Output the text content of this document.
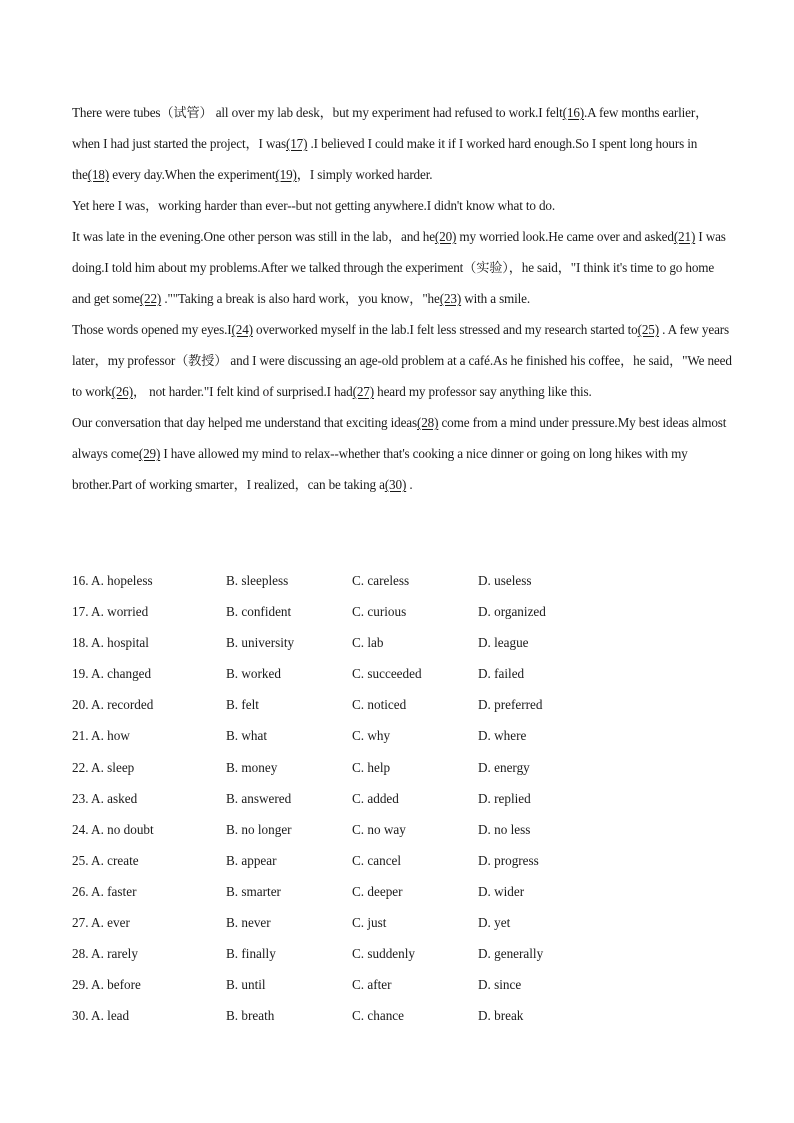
There were tubes（试管） all over my lab desk，but my experiment had refused to work.I felt(16).A few months earlier，when I had just started the project，I was(17) .I believed I could make it if I worked hard enough.So I spent long hours in the(18) every day.When the experiment(19)，I simply worked harder.

Yet here I was，working harder than ever--but not getting anywhere.I didn't know what to do.

It was late in the evening.One other person was still in the lab，and he(20) my worried look.He came over and asked(21) I was doing.I told him about my problems.After we talked through the experiment（实验），he said，"I think it's time to go home and get some(22) .""Taking a break is also hard work，you know，"he(23) with a smile.

Those words opened my eyes.I(24) overworked myself in the lab.I felt less stressed and my research started to(25) . A few years later，my professor（教授） and I were discussing an age-old problem at a café.As he finished his coffee，he said，"We need to work(26)， not harder."I felt kind of surprised.I had(27) heard my professor say anything like this.

Our conversation that day helped me understand that exciting ideas(28) come from a mind under pressure.My best ideas almost always come(29) I have allowed my mind to relax--whether that's cooking a nice dinner or going on long hikes with my brother.Part of working smarter，I realized，can be taking a(30) .

16. A. hopeless	B. sleepless	C. careless	D. useless
17. A. worried	B. confident	C. curious	D. organized
18. A. hospital	B. university	C. lab	D. league
19. A. changed	B. worked	C. succeeded	D. failed
20. A. recorded	B. felt	C. noticed	D. preferred
21. A. how	B. what	C. why	D. where
22. A. sleep	B. money	C. help	D. energy
23. A. asked	B. answered	C. added	D. replied
24. A. no doubt	B. no longer	C. no way	D. no less
25. A. create	B. appear	C. cancel	D. progress
26. A. faster	B. smarter	C. deeper	D. wider
27. A. ever	B. never	C. just	D. yet
28. A. rarely	B. finally	C. suddenly	D. generally
29. A. before	B. until	C. after	D. since
30. A. lead	B. breath	C. chance	D. break
